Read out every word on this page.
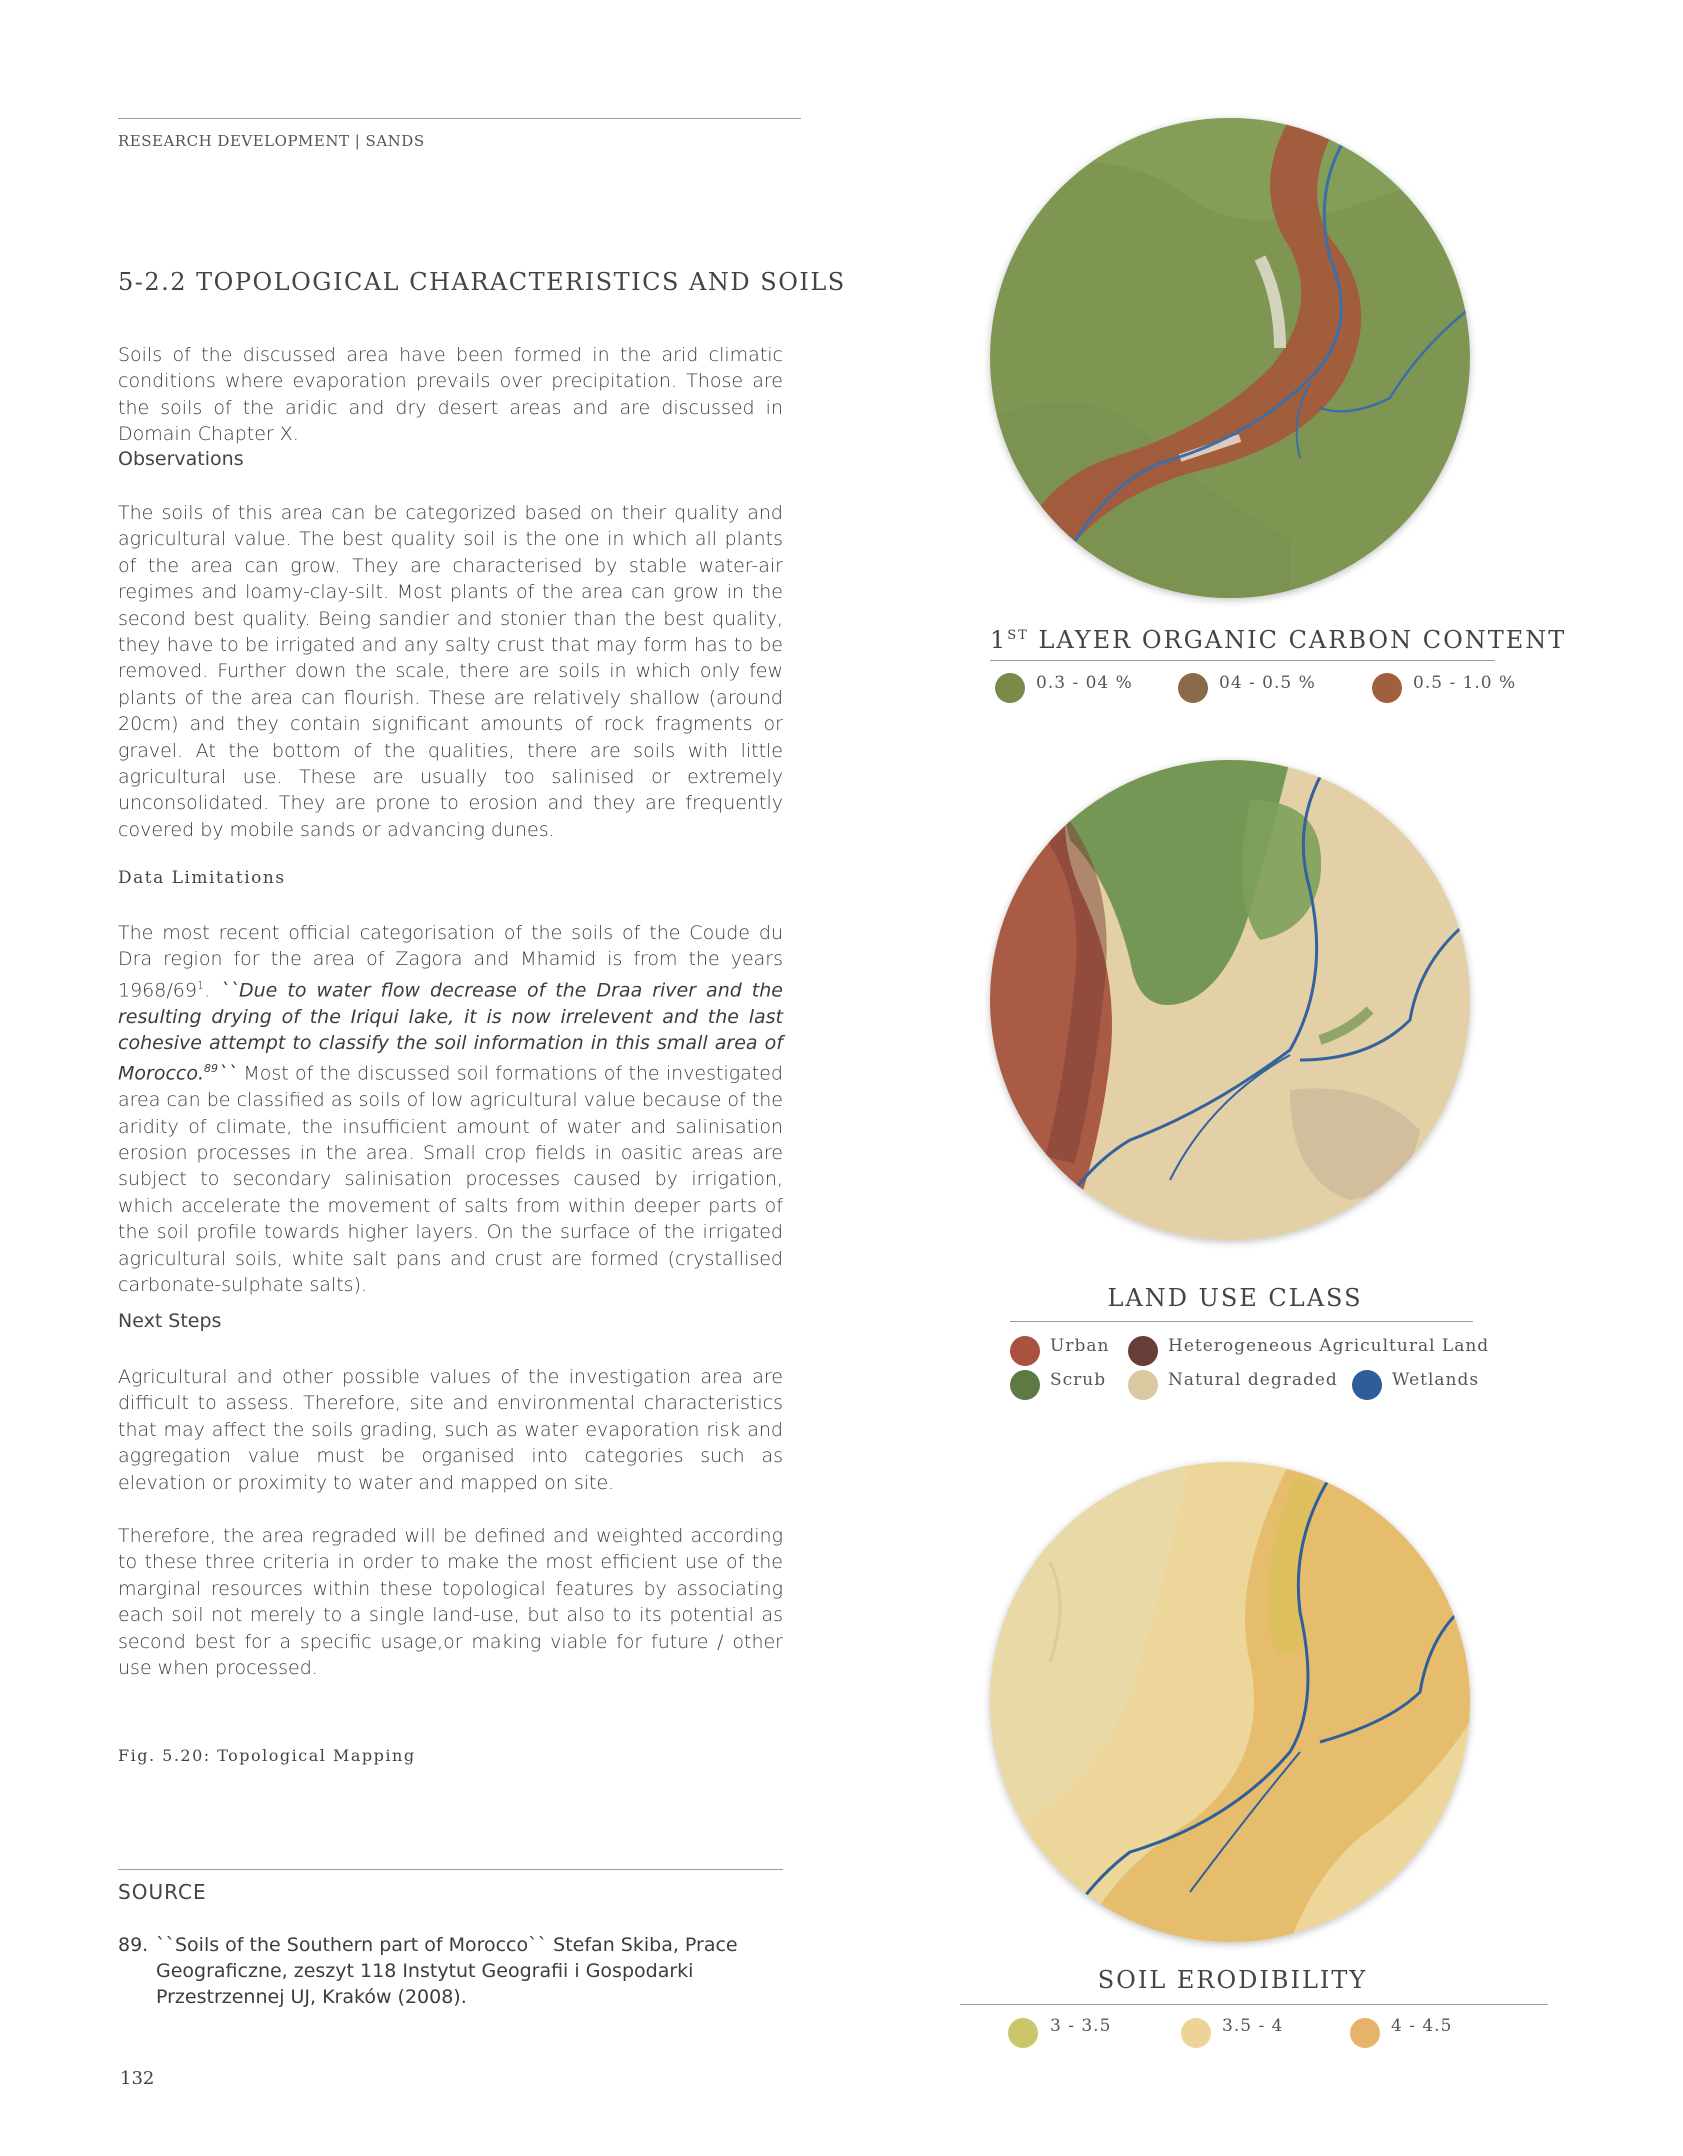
RESEARCH DEVELOPMENT | SANDS
5-2.2 TOPOLOGICAL CHARACTERISTICS AND SOILS

Soils of the discussed area have been formed in the arid climatic conditions where evaporation prevails over precipitation. Those are the soils of the aridic and dry desert areas and are discussed in Domain Chapter X.

Observations

The soils of this area can be categorized based on their quality and agricultural value. The best quality soil is the one in which all plants of the area can grow. They are characterised by stable water-air regimes and loamy-clay-silt. Most plants of the area can grow in the second best quality. Being sandier and stonier than the best quality, they have to be irrigated and any salty crust that may form has to be removed. Further down the scale, there are soils in which only few plants of the area can flourish. These are relatively shallow (around 20cm) and they contain significant amounts of rock fragments or gravel. At the bottom of the qualities, there are soils with little agricultural use. These are usually too salinised or extremely unconsolidated. They are prone to erosion and they are frequently covered by mobile sands or advancing dunes.

Data Limitations

The most recent official categorisation of the soils of the Coude du Dra region for the area of Zagora and Mhamid is from the years $1968/69^1$. ``Due to water flow decrease of the Draa river and the resulting drying of the Iriqui lake, it is now irrelevent and the last cohesive attempt to classify the soil information in this small area of Morocco.$^{89}$`` Most of the discussed soil formations of the investigated area can be classified as soils of low agricultural value because of the aridity of climate, the insufficient amount of water and salinisation erosion processes in the area. Small crop fields in oasitic areas are subject to secondary salinisation processes caused by irrigation, which accelerate the movement of salts from within deeper parts of the soil profile towards higher layers. On the surface of the irrigated agricultural soils, white salt pans and crust are formed (crystallised carbonate-sulphate salts).

Next Steps

Agricultural and other possible values of the investigation area are difficult to assess. Therefore, site and environmental characteristics that may affect the soils grading, such as water evaporation risk and aggregation value must be organised into categories such as elevation or proximity to water and mapped on site.

Therefore, the area regraded will be defined and weighted according to these three criteria in order to make the most efficient use of the marginal resources within these topological features by associating each soil not merely to a single land-use, but also to its potential as second best for a specific usage,or making viable for future / other use when processed.

Fig. 5.20: Topological Mapping
SOURCE
89. ``Soils of the Southern part of Morocco`` Stefan Skiba, Prace Geograficzne, zeszyt 118 Instytut Geografii i Gospodarki Przestrzennej UJ, Kraków (2008).
132
1ST LAYER ORGANIC CARBON CONTENT
0.3 - 04 %	04 - 0.5 %	0.5 - 1.0 %
LAND USE CLASS
Urban	Heterogeneous Agricultural Land
Scrub	Natural degraded	Wetlands
SOIL ERODIBILITY
3 - 3.5	3.5 - 4	4 - 4.5
